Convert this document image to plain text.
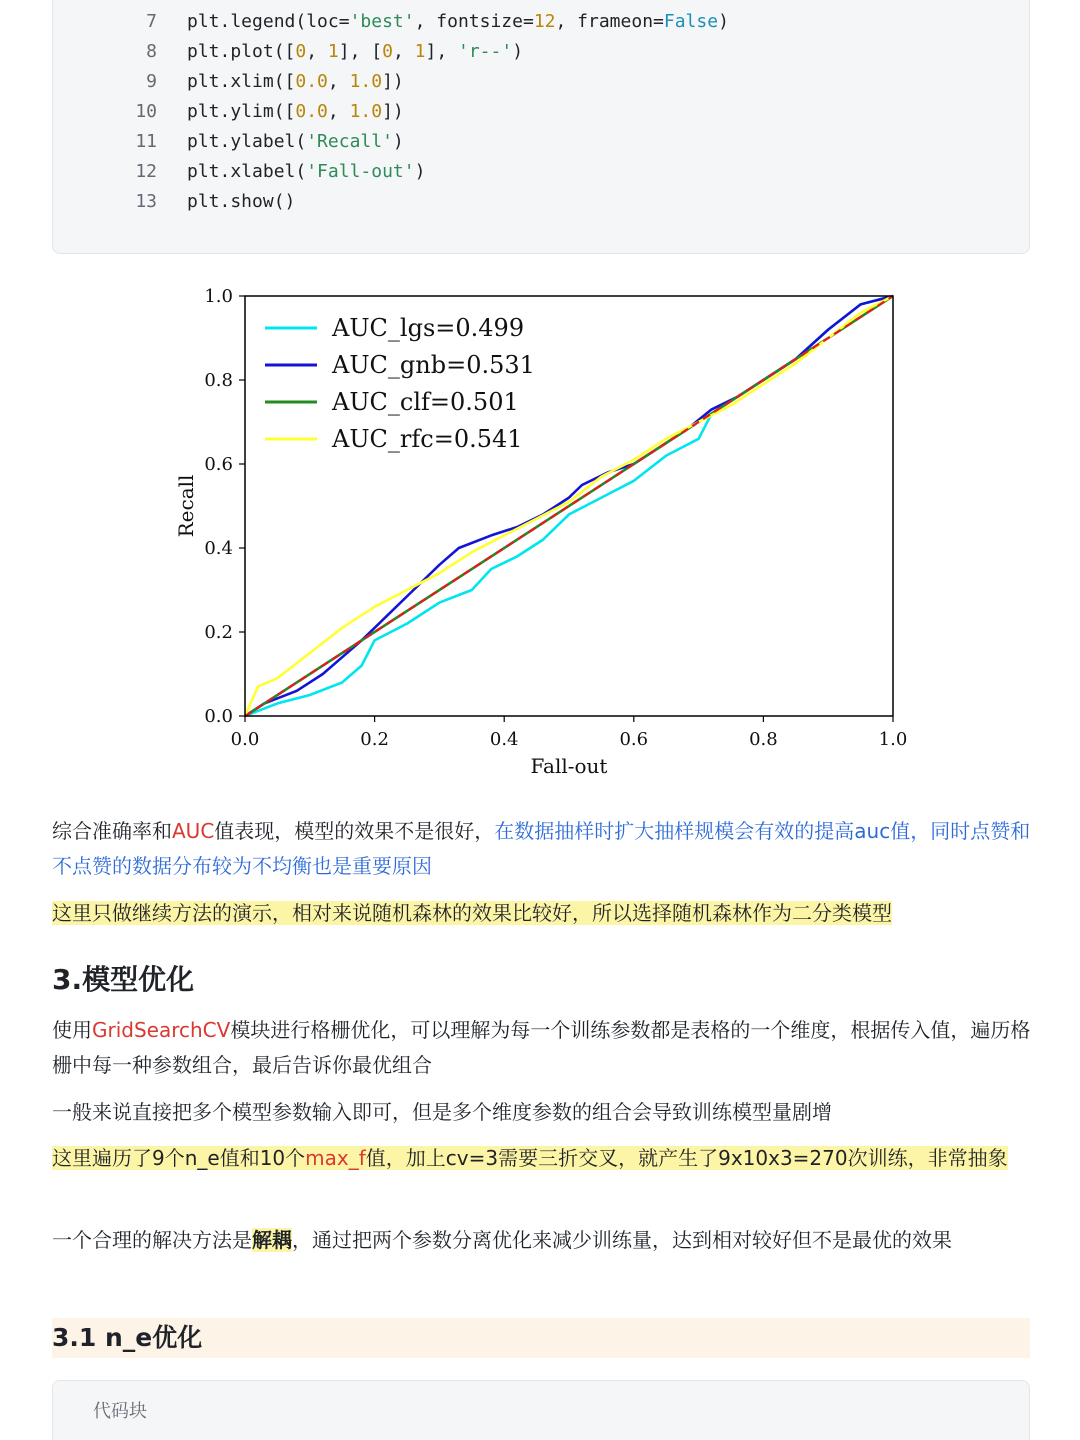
7 plt.legend(loc='best', fontsize=12, frameon=False)
8 plt.plot([0, 1], [0, 1], 'r--')
9 plt.xlim([0.0, 1.0])
10 plt.ylim([0.0, 1.0])
11 plt.ylabel('Recall')
12 plt.xlabel('Fall-out')
13 plt.show()
0.0	0.2	0.4	0.6	0.8	1.0
0.0
0.2
0.4
0.6
0.8
1.0
Fall-out
Recall
AUC_lgs=0.499
AUC_gnb=0.531
AUC_clf=0.501
AUC_rfc=0.541
综合准确率和AUC值表现，模型的效果不是很好，在数据抽样时扩大抽样规模会有效的提高auc值，同时点赞和不点赞的数据分布较为不均衡也是重要原因
这里只做继续方法的演示，相对来说随机森林的效果比较好，所以选择随机森林作为二分类模型
3.模型优化
使用GridSearchCV模块进行格栅优化，可以理解为每一个训练参数都是表格的一个维度，根据传入值，遍历格栅中每一种参数组合，最后告诉你最优组合
一般来说直接把多个模型参数输入即可，但是多个维度参数的组合会导致训练模型量剧增
这里遍历了9个n_e值和10个max_f值，加上cv=3需要三折交叉，就产生了9x10x3=270次训练，非常抽象
一个合理的解决方法是解耦，通过把两个参数分离优化来减少训练量，达到相对较好但不是最优的效果
3.1 n_e优化
代码块
